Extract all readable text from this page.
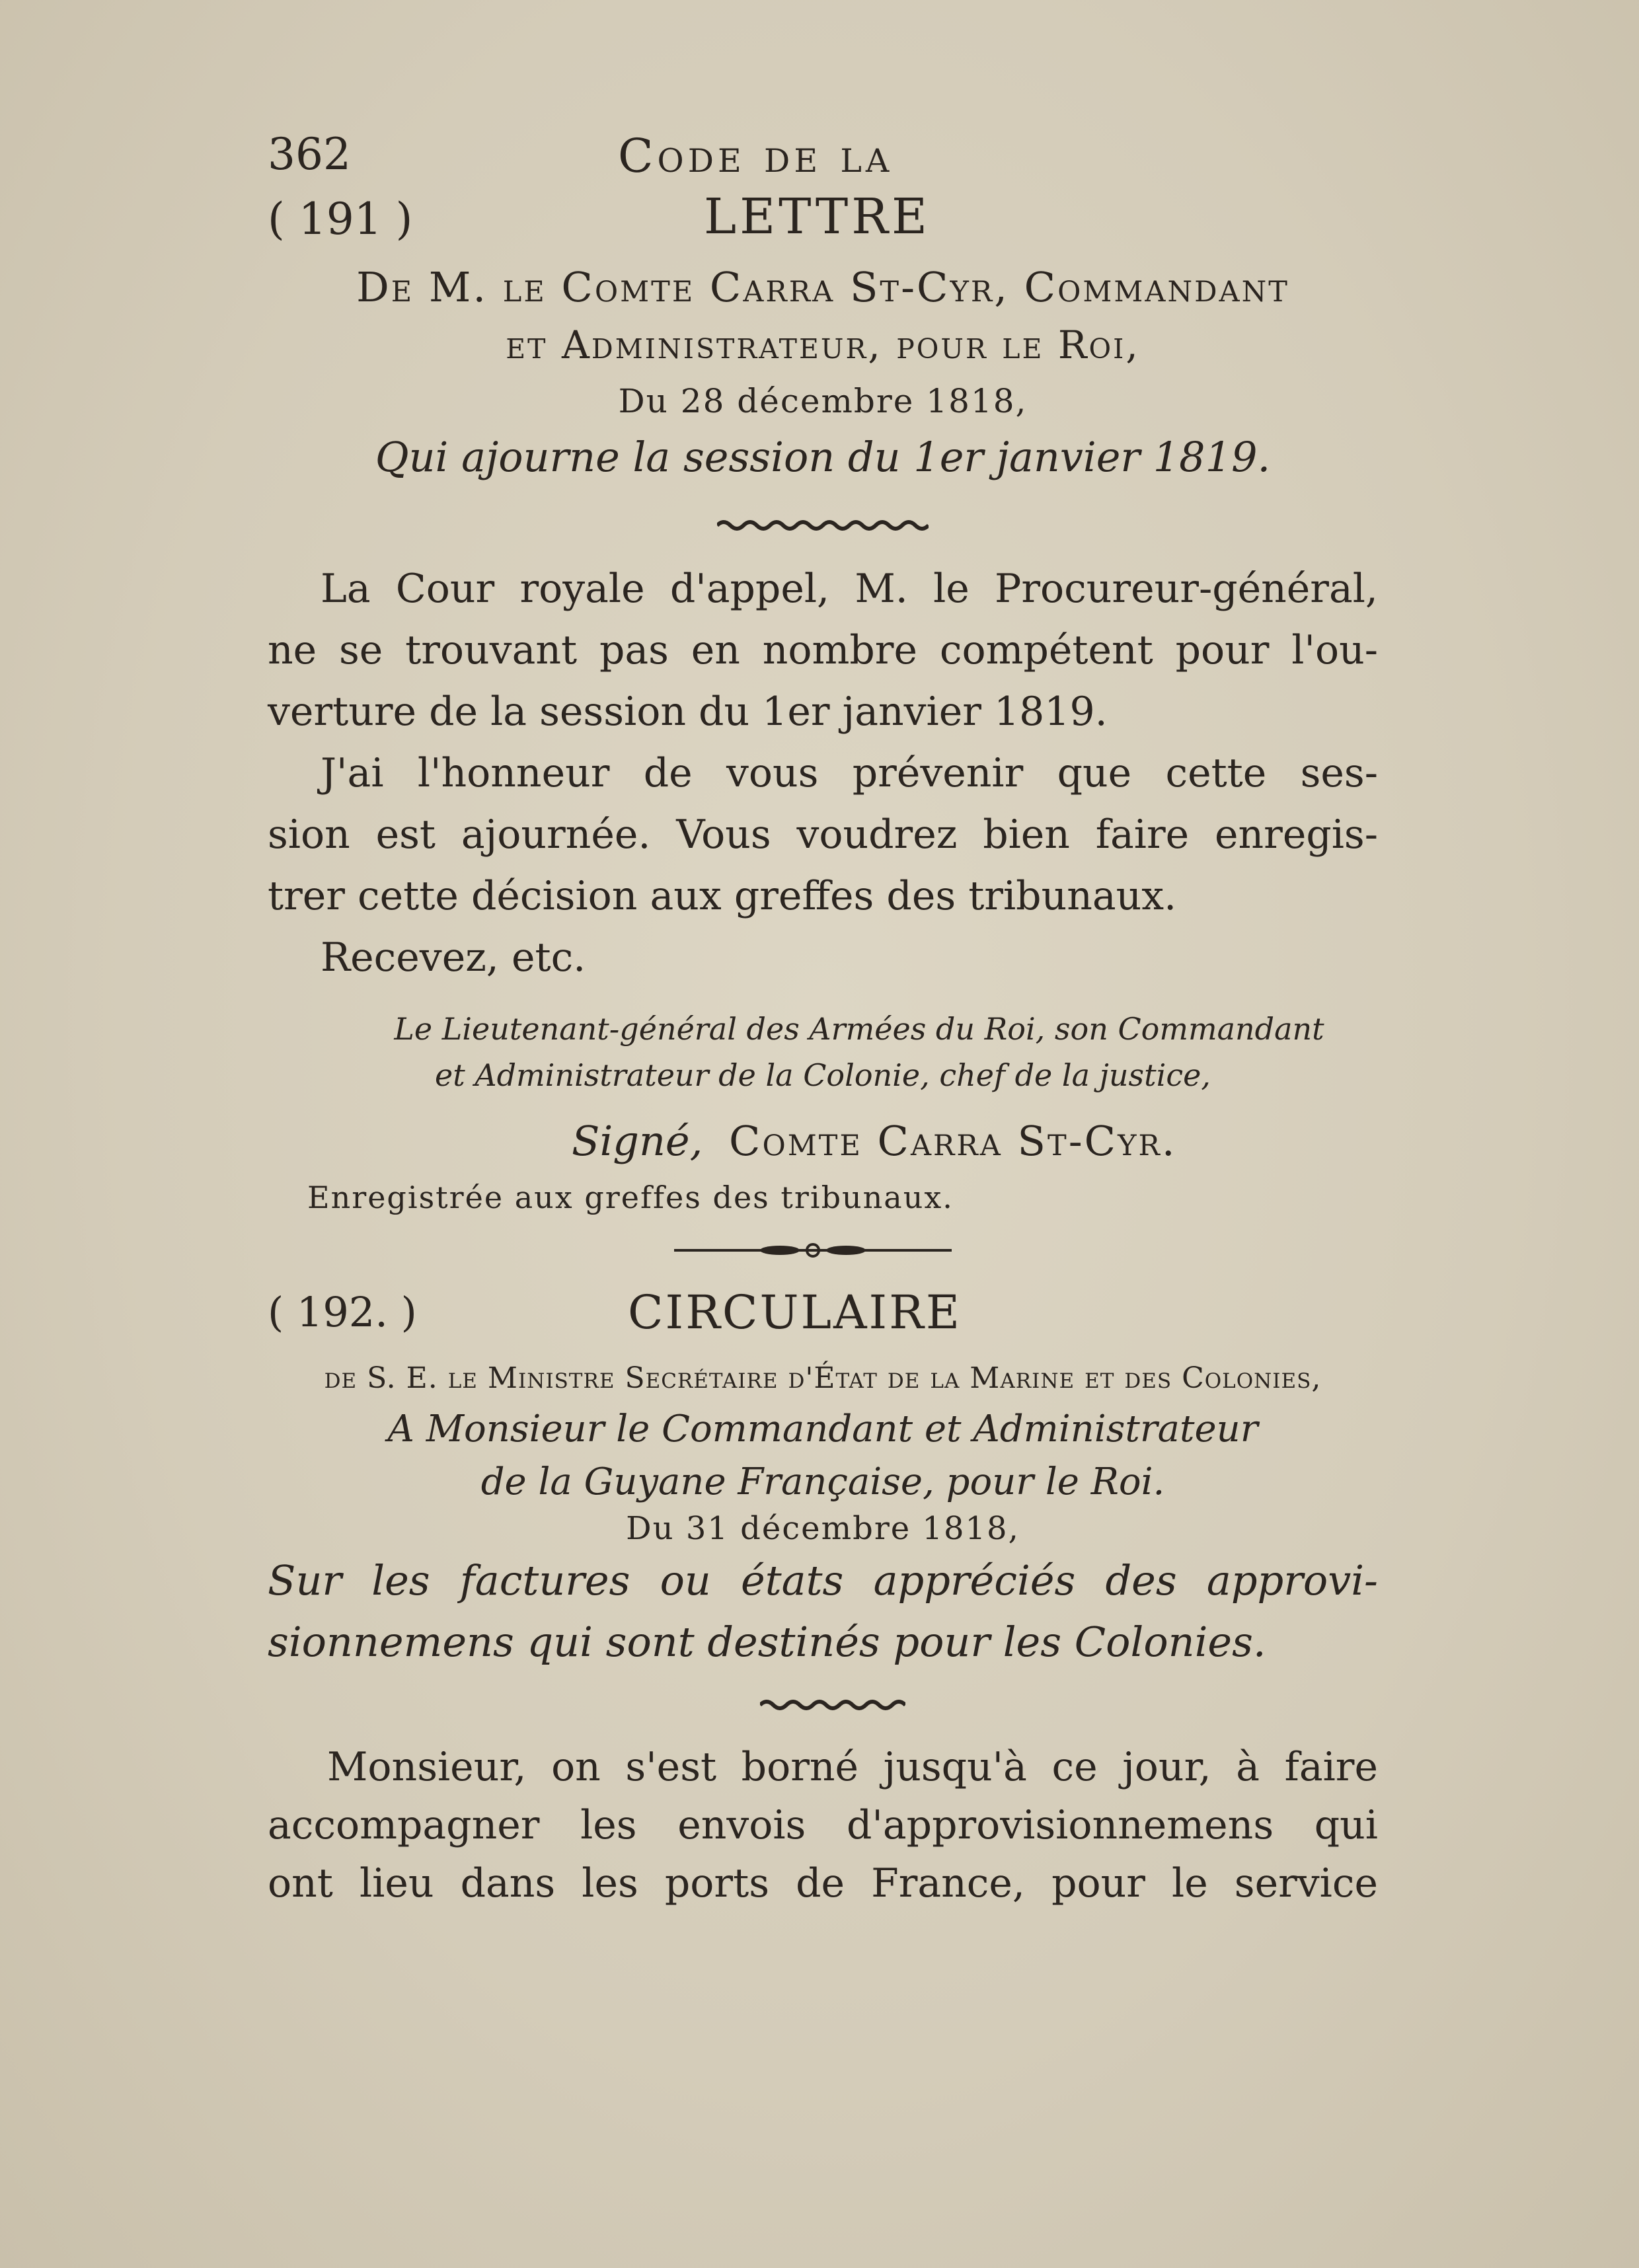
362	Code de la
( 191 )	LETTRE
De M. le Comte Carra St-Cyr, Commandant
et Administrateur, pour le Roi,
Du 28 décembre 1818,
Qui ajourne la session du 1er janvier 1819.

La Cour royale d'appel, M. le Procureur-général,

ne se trouvant pas en nombre compétent pour l'ou-

verture de la session du 1er janvier 1819.

J'ai l'honneur de vous prévenir que cette ses-

sion est ajournée. Vous voudrez bien faire enregis-

trer cette décision aux greffes des tribunaux.

Recevez, etc.

Le Lieutenant-général des Armées du Roi, son Commandant
et Administrateur de la Colonie, chef de la justice,
Signé, Comte Carra St-Cyr.
Enregistrée aux greffes des tribunaux.
( 192. )	CIRCULAIRE
de S. E. le Ministre Secrétaire d'État de la Marine et des Colonies,
A Monsieur le Commandant et Administrateur
de la Guyane Française, pour le Roi.
Du 31 décembre 1818,
Sur les factures ou états appréciés des approvi-
sionnemens qui sont destinés pour les Colonies.

Monsieur, on s'est borné jusqu'à ce jour, à faire

accompagner les envois d'approvisionnemens qui

ont lieu dans les ports de France, pour le service
